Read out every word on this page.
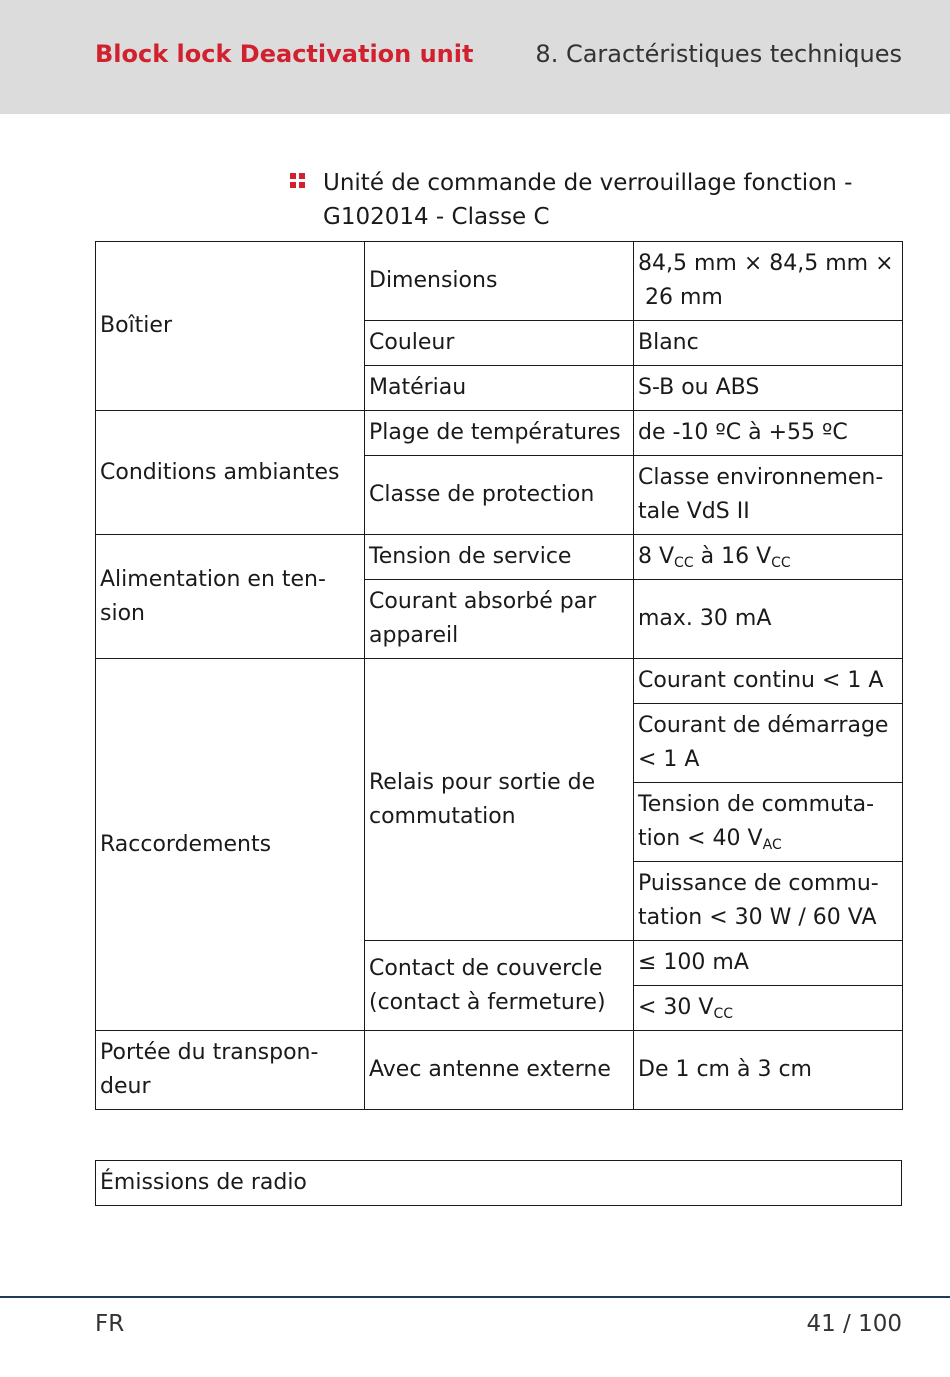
Block lock Deactivation unit	8. Caractéristiques techniques
Unité de commande de verrouillage fonction -
G102014 - Classe C
Boîtier	Dimensions	84,5 mm × 84,5 mm ×
26 mm

	Couleur	Blanc
	Matériau	S-B ou ABS
Conditions ambiantes	Plage de températures	de -10 ºC à +55 ºC
	Classe de protection	Classe environnemen-
tale VdS II

Alimentation en ten-
sion	Tension de service	8 $V_{CC}$ à 16 $V_{CC}$

	Courant absorbé par
appareil	max. 30 mA
Raccordements	Relais pour sortie de
commutation	Courant continu < 1 A

		Courant de démarrage
< 1 A

		Tension de commuta-
tion < 40 $V_{AC}$

		Puissance de commu-
tation < 30 W / 60 VA

	Contact de couvercle
(contact à fermeture)	≤ 100 mA
		< 30 $V_{CC}$

Portée du transpon-
deur	Avec antenne externe	De 1 cm à 3 cm
Émissions de radio
FR	41 / 100
